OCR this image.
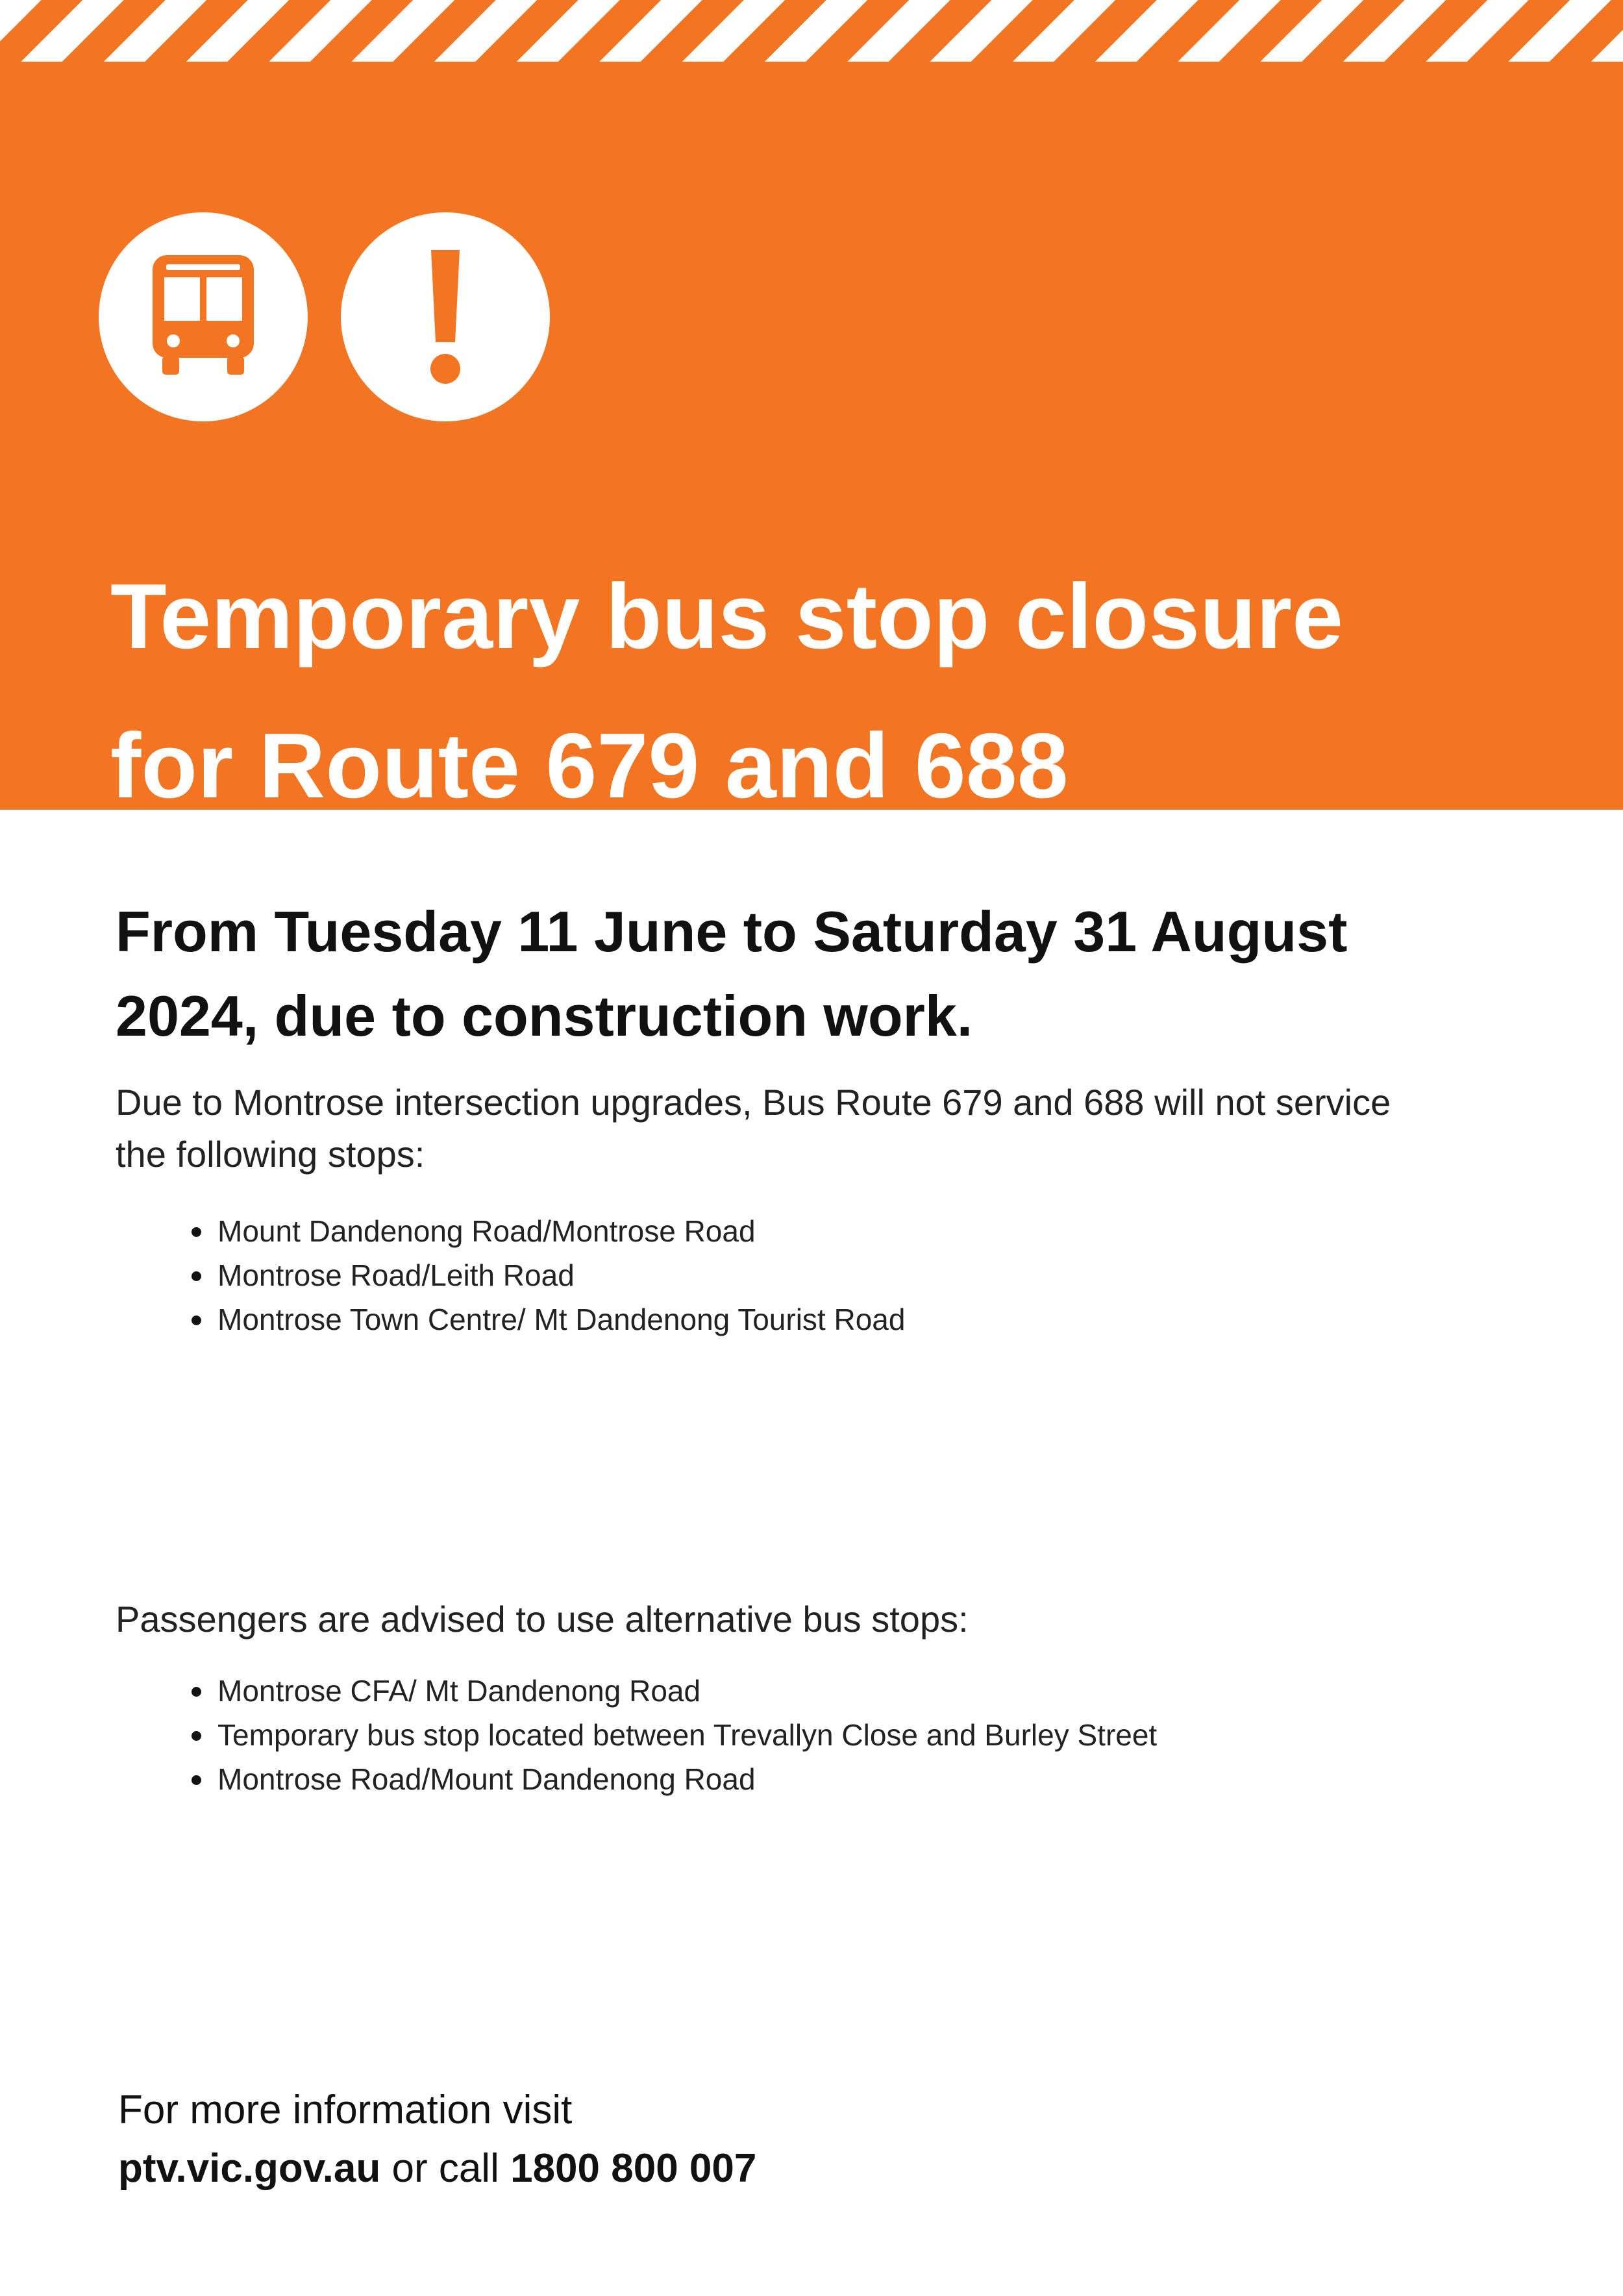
Temporary bus stop closure
for Route 679 and 688
From Tuesday 11 June to Saturday 31 August
2024, due to construction work.

Due to Montrose intersection upgrades, Bus Route 679 and 688 will not service
the following stops:

Mount Dandenong Road/Montrose Road
Montrose Road/Leith Road
Montrose Town Centre/ Mt Dandenong Tourist Road

Passengers are advised to use alternative bus stops:

Montrose CFA/ Mt Dandenong Road
Temporary bus stop located between Trevallyn Close and Burley Street
Montrose Road/Mount Dandenong Road
For more information visit
ptv.vic.gov.au or call 1800 800 007
